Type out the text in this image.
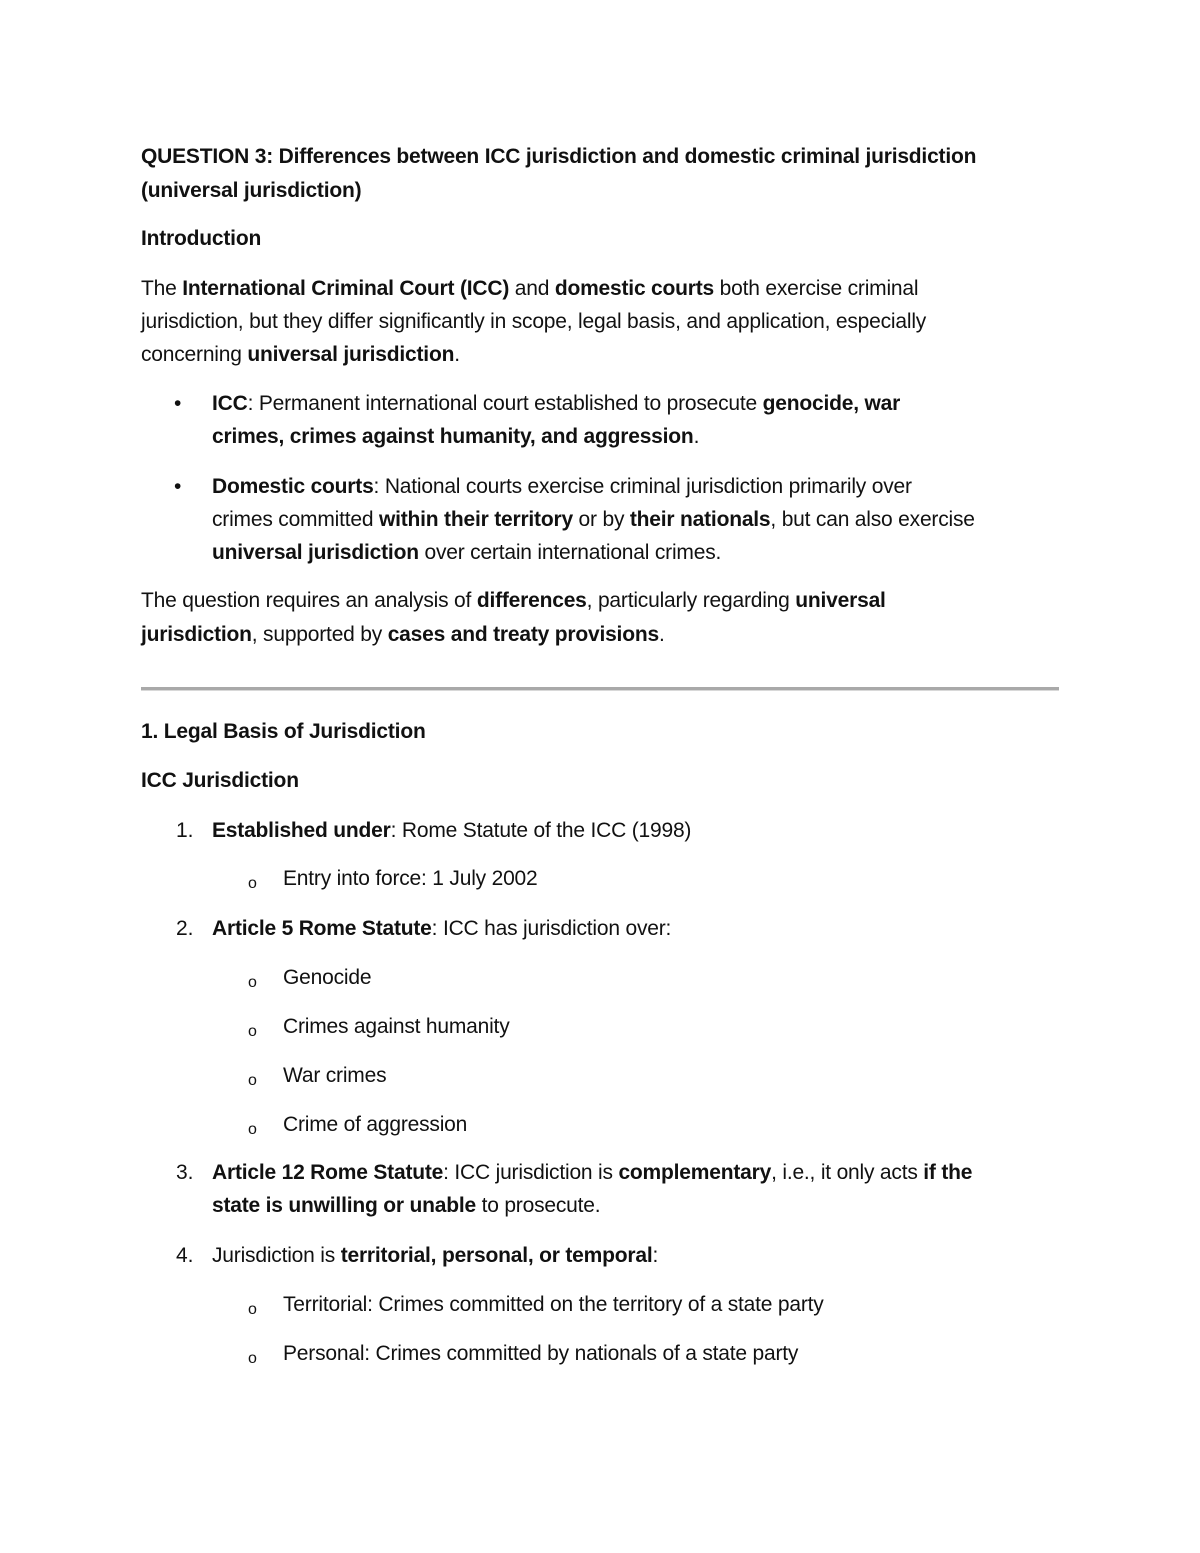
QUESTION 3: Differences between ICC jurisdiction and domestic criminal jurisdiction
(universal jurisdiction)
Introduction
The International Criminal Court (ICC) and domestic courts both exercise criminal
jurisdiction, but they differ significantly in scope, legal basis, and application, especially
concerning universal jurisdiction.
• ICC: Permanent international court established to prosecute genocide, war
crimes, crimes against humanity, and aggression.
• Domestic courts: National courts exercise criminal jurisdiction primarily over
crimes committed within their territory or by their nationals, but can also exercise
universal jurisdiction over certain international crimes.
The question requires an analysis of differences, particularly regarding universal
jurisdiction, supported by cases and treaty provisions.
1. Legal Basis of Jurisdiction
ICC Jurisdiction
1. Established under: Rome Statute of the ICC (1998)
o Entry into force: 1 July 2002
2. Article 5 Rome Statute: ICC has jurisdiction over:
o Genocide
o Crimes against humanity
o War crimes
o Crime of aggression
3. Article 12 Rome Statute: ICC jurisdiction is complementary, i.e., it only acts if the
state is unwilling or unable to prosecute.
4. Jurisdiction is territorial, personal, or temporal:
o Territorial: Crimes committed on the territory of a state party
o Personal: Crimes committed by nationals of a state party
